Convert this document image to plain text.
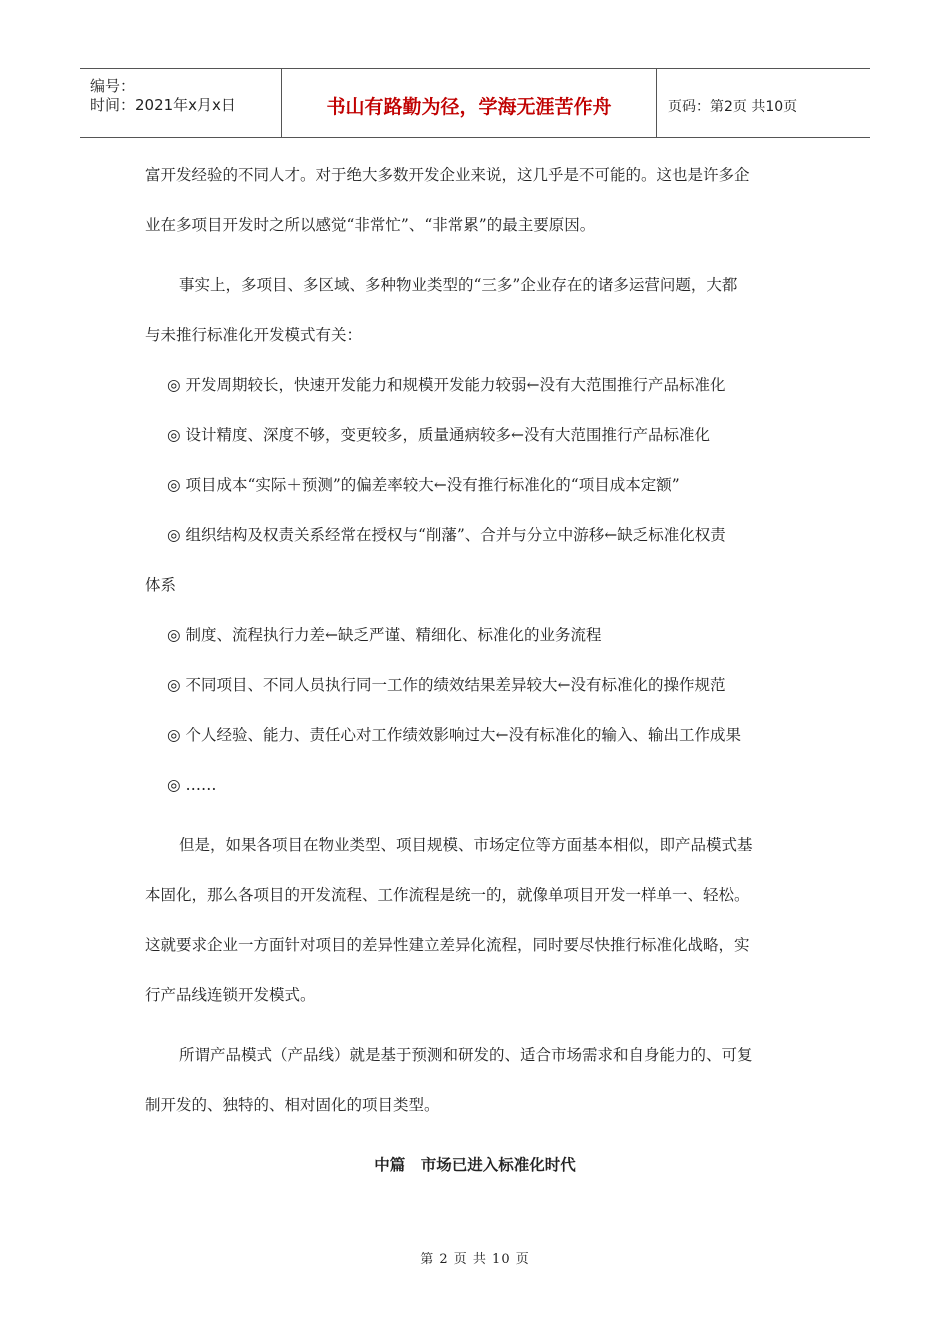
编号：
时间：2021年x月x日	书山有路勤为径，学海无涯苦作舟	页码：第2页 共10页

富开发经验的不同人才。对于绝大多数开发企业来说，这几乎是不可能的。这也是许多企

业在多项目开发时之所以感觉“非常忙”、“非常累”的最主要原因。

事实上，多项目、多区域、多种物业类型的“三多”企业存在的诸多运营问题，大都

与未推行标准化开发模式有关：

◎ 开发周期较长，快速开发能力和规模开发能力较弱←没有大范围推行产品标准化

◎ 设计精度、深度不够，变更较多，质量通病较多←没有大范围推行产品标准化

◎ 项目成本“实际＋预测”的偏差率较大←没有推行标准化的“项目成本定额”

◎ 组织结构及权责关系经常在授权与“削藩”、合并与分立中游移←缺乏标准化权责

体系

◎ 制度、流程执行力差←缺乏严谨、精细化、标准化的业务流程

◎ 不同项目、不同人员执行同一工作的绩效结果差异较大←没有标准化的操作规范

◎ 个人经验、能力、责任心对工作绩效影响过大←没有标准化的输入、输出工作成果

◎ ……

但是，如果各项目在物业类型、项目规模、市场定位等方面基本相似，即产品模式基

本固化，那么各项目的开发流程、工作流程是统一的，就像单项目开发一样单一、轻松。

这就要求企业一方面针对项目的差异性建立差异化流程，同时要尽快推行标准化战略，实

行产品线连锁开发模式。

所谓产品模式（产品线）就是基于预测和研发的、适合市场需求和自身能力的、可复

制开发的、独特的、相对固化的项目类型。

中篇　市场已进入标准化时代

第 2 页 共 10 页
